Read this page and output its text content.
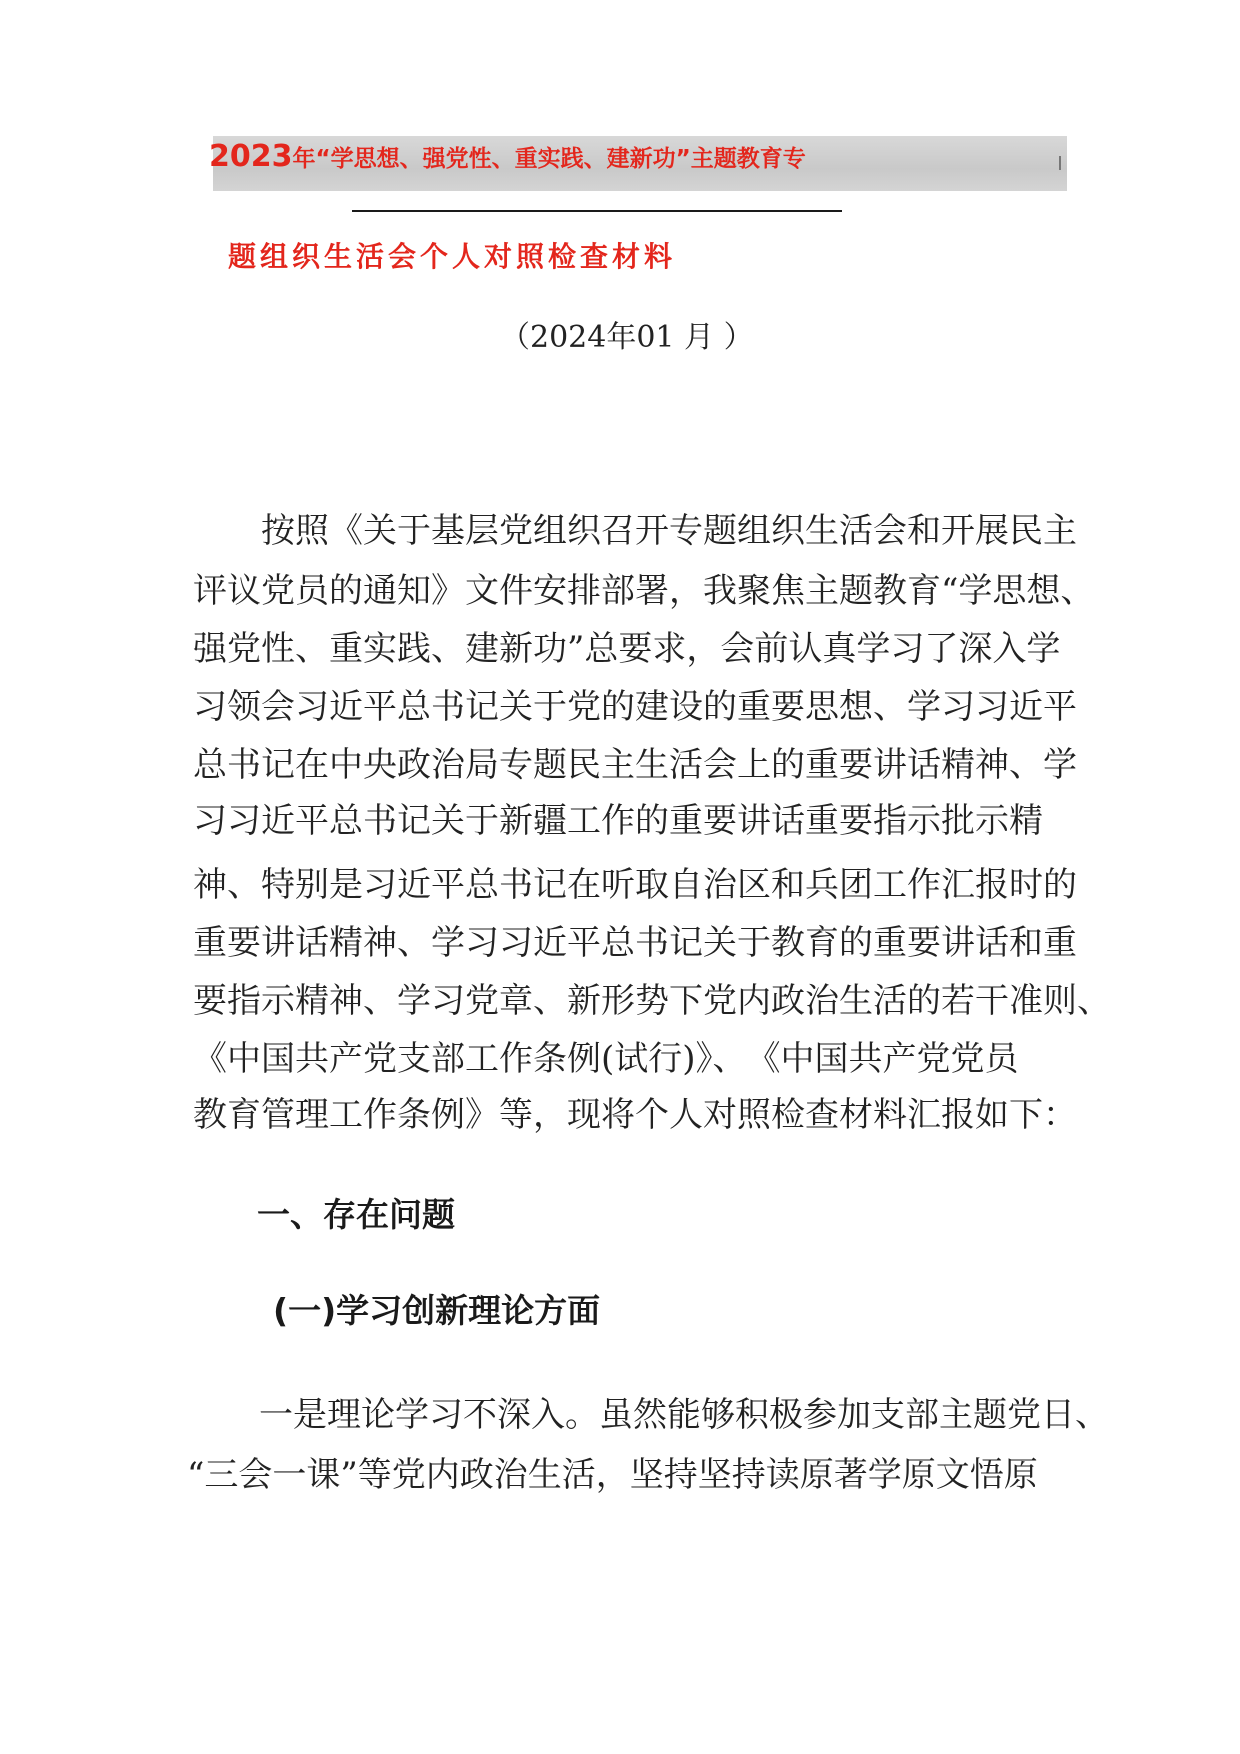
2023年“学思想、强党性、重实践、建新功”主题教育专
题组织生活会个人对照检查材料
（2024年01 月 ）
按照《关于基层党组织召开专题组织生活会和开展民主
评议党员的通知》文件安排部署，我聚焦主题教育“学思想、
强党性、重实践、建新功”总要求，会前认真学习了深入学
习领会习近平总书记关于党的建设的重要思想、学习习近平
总书记在中央政治局专题民主生活会上的重要讲话精神、学
习习近平总书记关于新疆工作的重要讲话重要指示批示精
神、特别是习近平总书记在听取自治区和兵团工作汇报时的
重要讲话精神、学习习近平总书记关于教育的重要讲话和重
要指示精神、学习党章、新形势下党内政治生活的若干准则、
《中国共产党支部工作条例(试行)》、　《中国共产党党员
教育管理工作条例》等，现将个人对照检查材料汇报如下：
一、存在问题
(一)学习创新理论方面
一是理论学习不深入。虽然能够积极参加支部主题党日、
“三会一课”等党内政治生活，坚持坚持读原著学原文悟原
